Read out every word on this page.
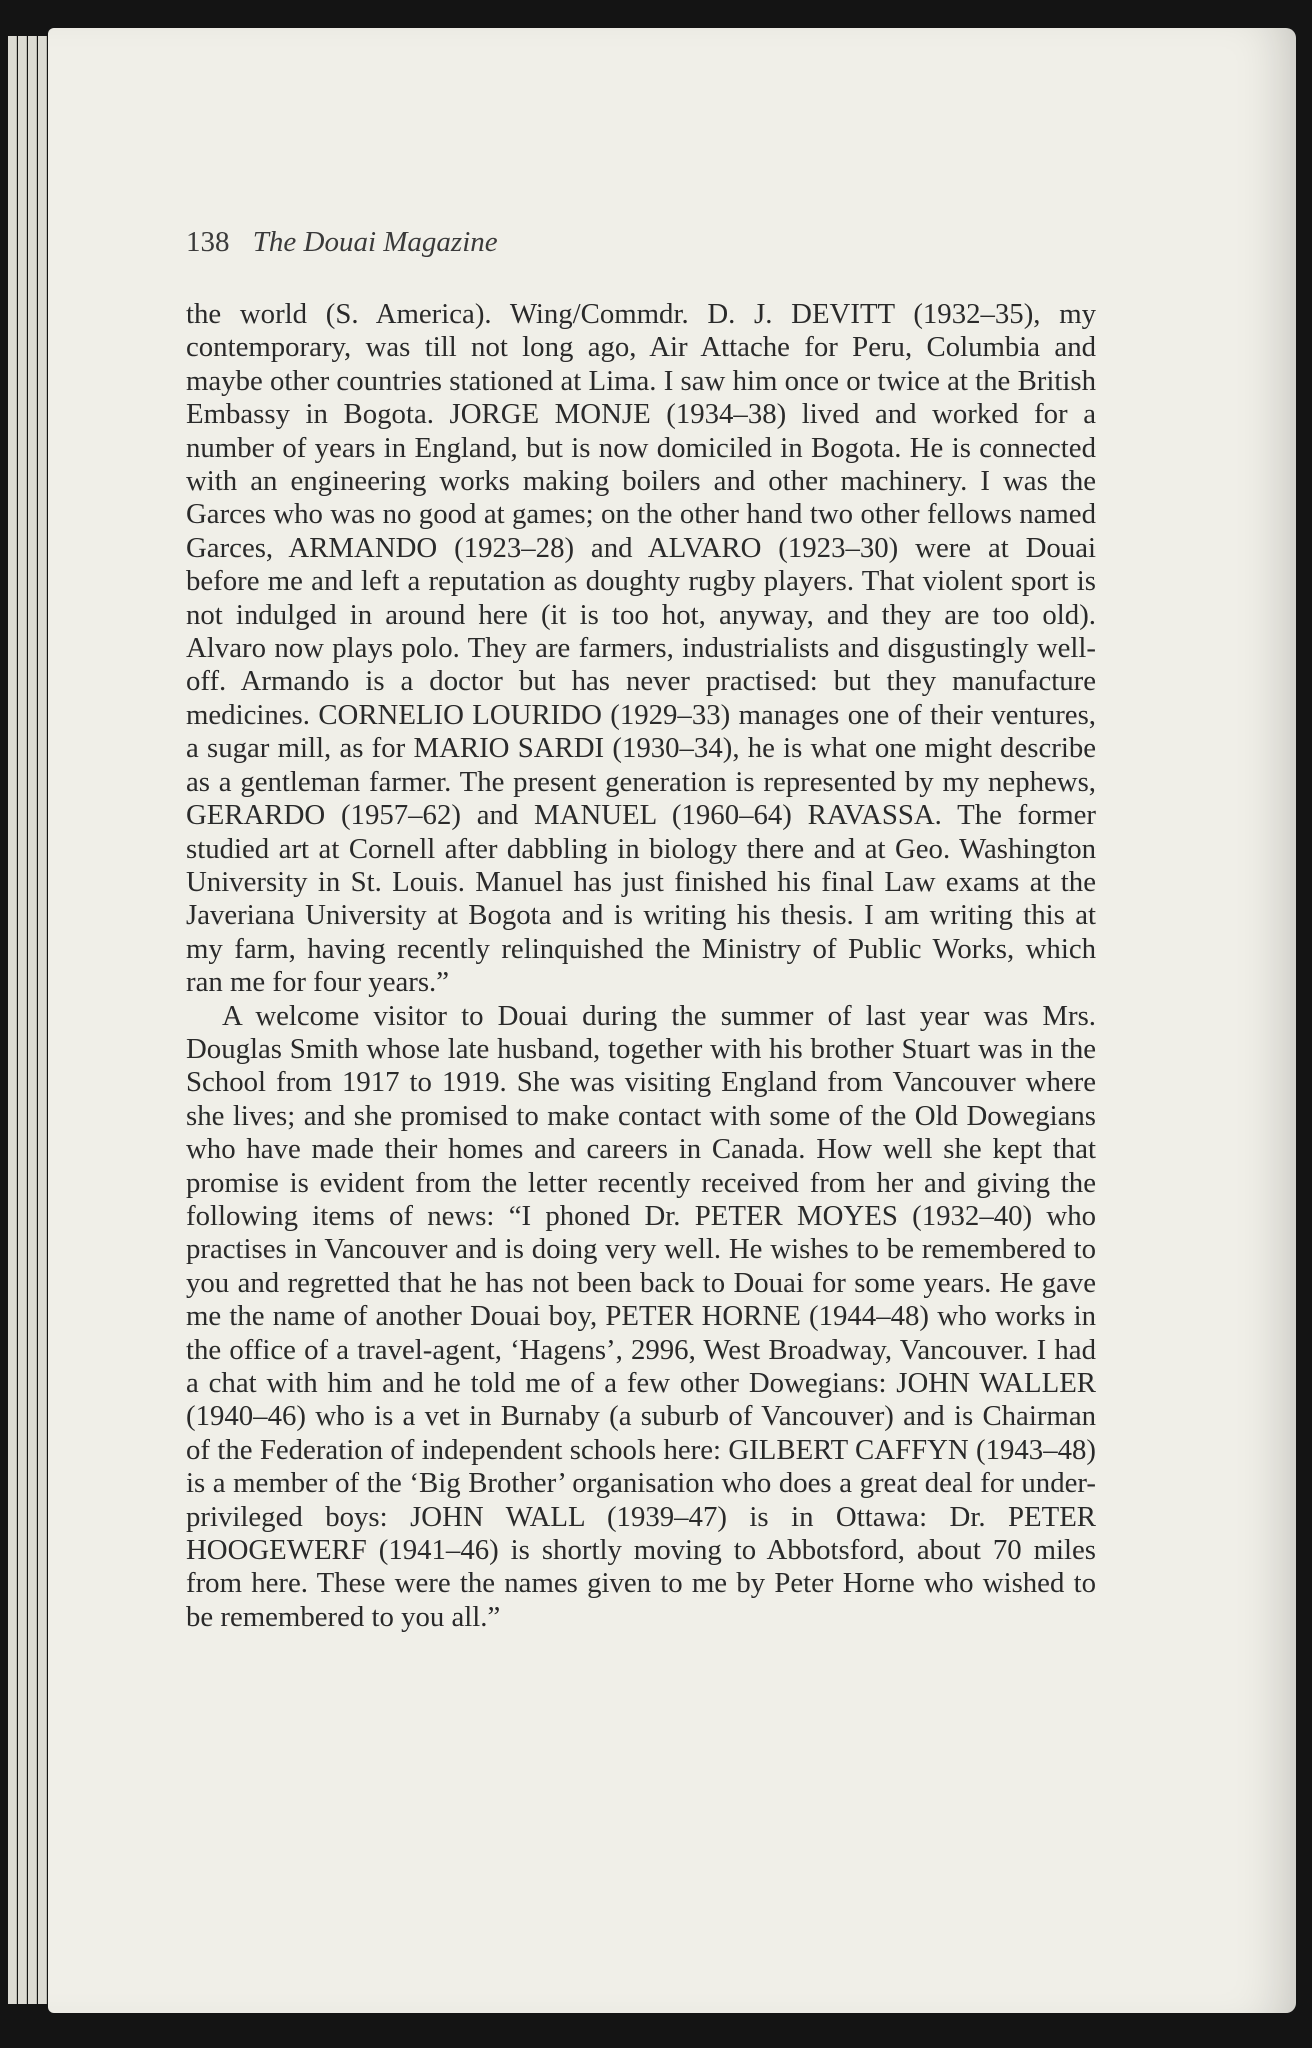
138 The Douai Magazine

the world (S. America). Wing/Commdr. D. J. DEVITT (1932–35), my contemporary, was till not long ago, Air Attache for Peru, Columbia and maybe other countries stationed at Lima. I saw him once or twice at the British Embassy in Bogota. JORGE MONJE (1934–38) lived and worked for a number of years in England, but is now domiciled in Bogota. He is connected with an engineering works making boilers and other machinery. I was the Garces who was no good at games; on the other hand two other fellows named Garces, ARMANDO (1923–28) and ALVARO (1923–30) were at Douai before me and left a reputation as doughty rugby players. That violent sport is not indulged in around here (it is too hot, anyway, and they are too old). Alvaro now plays polo. They are farmers, industrialists and disgustingly well-off. Armando is a doctor but has never practised: but they manufacture medicines. CORNELIO LOURIDO (1929–33) manages one of their ventures, a sugar mill, as for MARIO SARDI (1930–34), he is what one might describe as a gentleman farmer. The present generation is represented by my nephews, GERARDO (1957–62) and MANUEL (1960–64) RAVASSA. The former studied art at Cornell after dabbling in biology there and at Geo. Washington University in St. Louis. Manuel has just finished his final Law exams at the Javeriana University at Bogota and is writing his thesis. I am writing this at my farm, having recently relinquished the Ministry of Public Works, which ran me for four years.”

A welcome visitor to Douai during the summer of last year was Mrs. Douglas Smith whose late husband, together with his brother Stuart was in the School from 1917 to 1919. She was visiting England from Vancouver where she lives; and she promised to make contact with some of the Old Dowegians who have made their homes and careers in Canada. How well she kept that promise is evident from the letter recently received from her and giving the following items of news: “I phoned Dr. PETER MOYES (1932–40) who practises in Vancouver and is doing very well. He wishes to be remembered to you and regretted that he has not been back to Douai for some years. He gave me the name of another Douai boy, PETER HORNE (1944–48) who works in the office of a travel-agent, ‘Hagens’, 2996, West Broadway, Vancouver. I had a chat with him and he told me of a few other Dowegians: JOHN WALLER (1940–46) who is a vet in Burnaby (a suburb of Vancouver) and is Chairman of the Federation of independent schools here: GILBERT CAFFYN (1943–48) is a member of the ‘Big Brother’ organisation who does a great deal for under-privileged boys: JOHN WALL (1939–47) is in Ottawa: Dr. PETER HOOGEWERF (1941–46) is shortly moving to Abbotsford, about 70 miles from here. These were the names given to me by Peter Horne who wished to be remembered to you all.”
